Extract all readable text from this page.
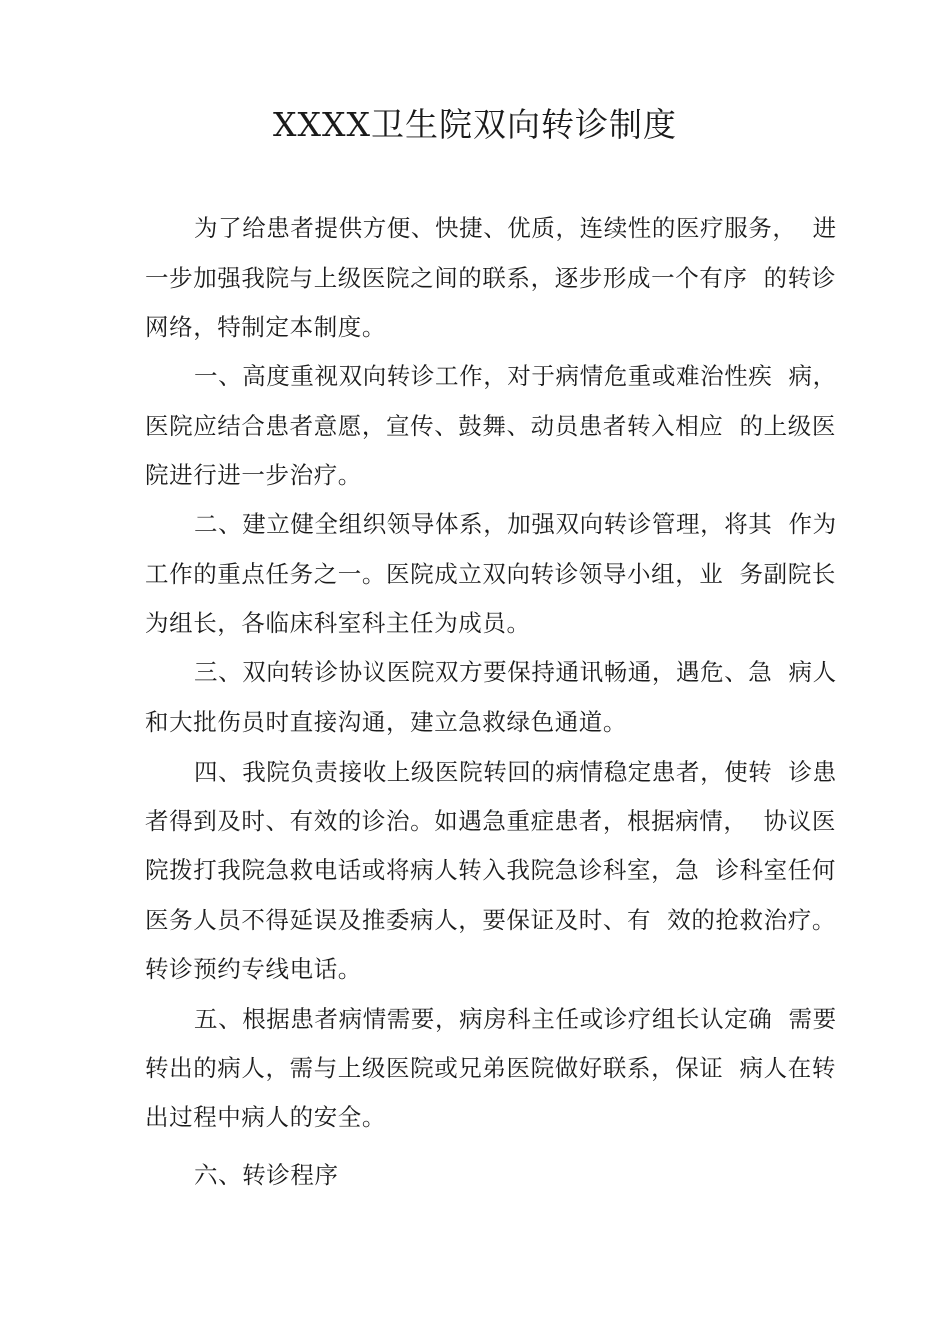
XXXX卫生院双向转诊制度
为了给患者提供方便、快捷、优质，连续性的医疗服务，  进
一步加强我院与上级医院之间的联系，逐步形成一个有序  的转诊
网络，特制定本制度。
一、高度重视双向转诊工作，对于病情危重或难治性疾  病，
医院应结合患者意愿，宣传、鼓舞、动员患者转入相应  的上级医
院进行进一步治疗。
二、建立健全组织领导体系，加强双向转诊管理，将其  作为
工作的重点任务之一。医院成立双向转诊领导小组，业  务副院长
为组长，各临床科室科主任为成员。
三、双向转诊协议医院双方要保持通讯畅通，遇危、急  病人
和大批伤员时直接沟通，建立急救绿色通道。
四、我院负责接收上级医院转回的病情稳定患者，使转  诊患
者得到及时、有效的诊治。如遇急重症患者，根据病情，  协议医
院拨打我院急救电话或将病人转入我院急诊科室，急  诊科室任何
医务人员不得延误及推委病人，要保证及时、有  效的抢救治疗。
转诊预约专线电话。
五、根据患者病情需要，病房科主任或诊疗组长认定确  需要
转出的病人，需与上级医院或兄弟医院做好联系，保证  病人在转
出过程中病人的安全。
六、转诊程序
